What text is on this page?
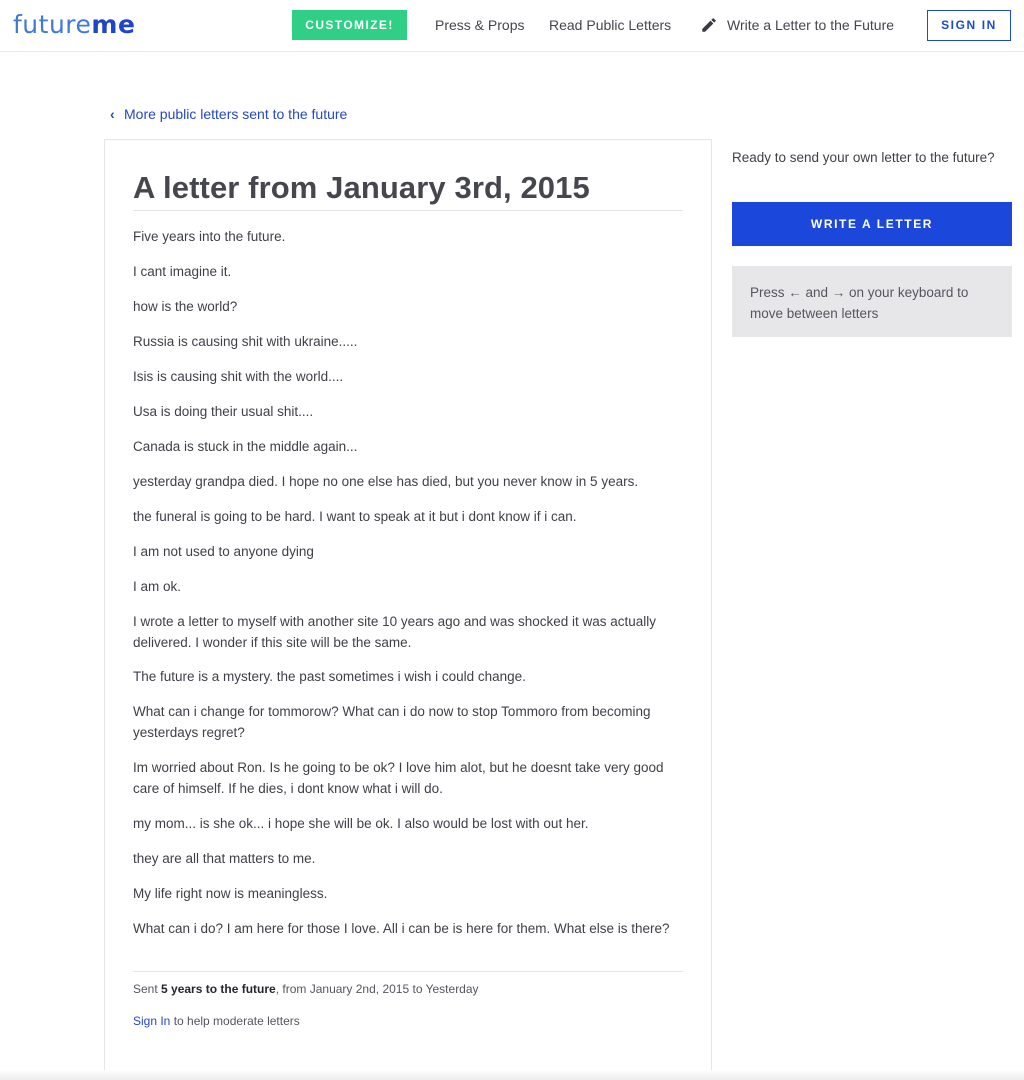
futureme	CUSTOMIZE!	Press & Props Read Public Letters	Write a Letter to the Future	SIGN IN
‹ More public letters sent to the future
A letter from January 3rd, 2015
Five years into the future.
I cant imagine it.
how is the world?
Russia is causing shit with ukraine.....
Isis is causing shit with the world....
Usa is doing their usual shit....
Canada is stuck in the middle again...
yesterday grandpa died. I hope no one else has died, but you never know in 5 years.
the funeral is going to be hard. I want to speak at it but i dont know if i can.
I am not used to anyone dying
I am ok.
I wrote a letter to myself with another site 10 years ago and was shocked it was actually delivered. I wonder if this site will be the same.
The future is a mystery. the past sometimes i wish i could change.
What can i change for tommorow? What can i do now to stop Tommoro from becoming yesterdays regret?
Im worried about Ron. Is he going to be ok? I love him alot, but he doesnt take very good care of himself. If he dies, i dont know what i will do.
my mom... is she ok... i hope she will be ok. I also would be lost with out her.
they are all that matters to me.
My life right now is meaningless.
What can i do? I am here for those I love. All i can be is here for them. What else is there?
Sent 5 years to the future, from January 2nd, 2015 to Yesterday
Sign In to help moderate letters
Ready to send your own letter to the future?
WRITE A LETTER
Press ← and → on your keyboard to move between letters
